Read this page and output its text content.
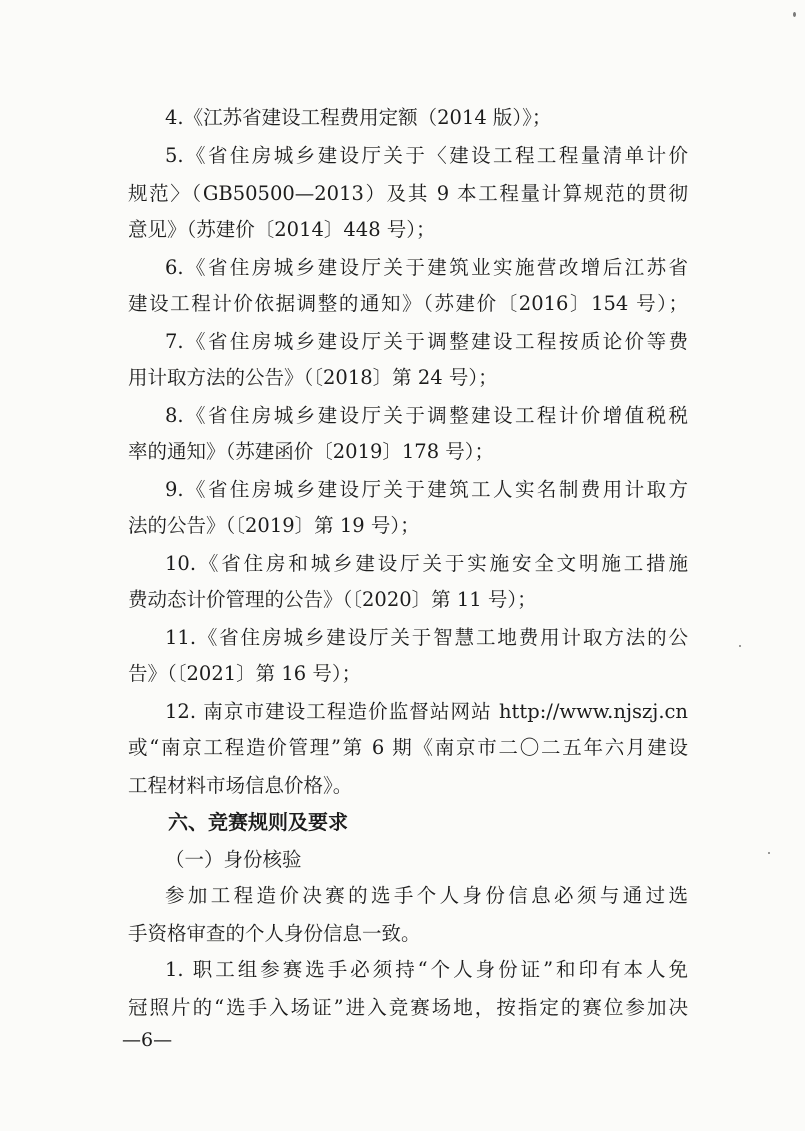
4.《江苏省建设工程费用定额（2014 版）》；
5.《省住房城乡建设厅关于〈建设工程工程量清单计价
规范〉（GB50500—2013）及其 9 本工程量计算规范的贯彻
意见》（苏建价〔2014〕448 号）；
6.《省住房城乡建设厅关于建筑业实施营改增后江苏省
建设工程计价依据调整的通知》（苏建价〔2016〕154 号）；
7.《省住房城乡建设厅关于调整建设工程按质论价等费
用计取方法的公告》（〔2018〕第 24 号）；
8.《省住房城乡建设厅关于调整建设工程计价增值税税
率的通知》（苏建函价〔2019〕178 号）；
9.《省住房城乡建设厅关于建筑工人实名制费用计取方
法的公告》（〔2019〕第 19 号）；
10.《省住房和城乡建设厅关于实施安全文明施工措施
费动态计价管理的公告》（〔2020〕第 11 号）；
11.《省住房城乡建设厅关于智慧工地费用计取方法的公
告》（〔2021〕第 16 号）；
12. 南京市建设工程造价监督站网站 http://www.njszj.cn
或“南京工程造价管理”第 6 期《南京市二〇二五年六月建设
工程材料市场信息价格》。
六、竞赛规则及要求
（一）身份核验
参加工程造价决赛的选手个人身份信息必须与通过选
手资格审查的个人身份信息一致。
1. 职工组参赛选手必须持“个人身份证”和印有本人免
冠照片的“选手入场证”进入竞赛场地，按指定的赛位参加决
—6—
